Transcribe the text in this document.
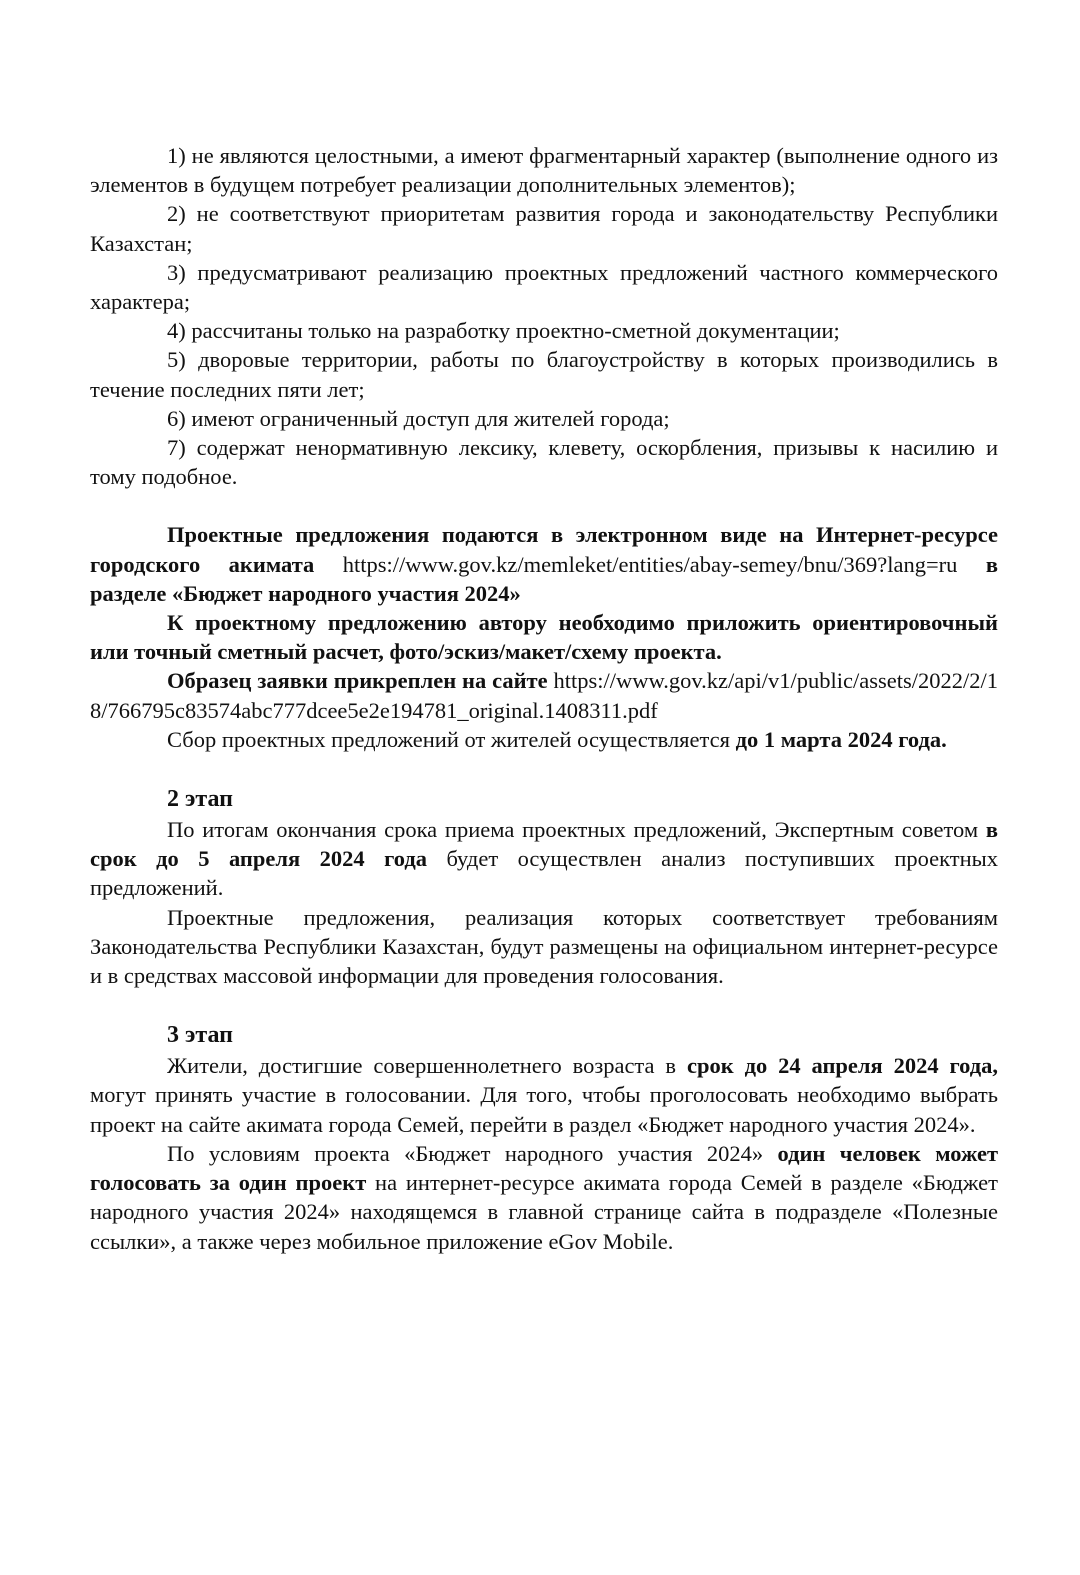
1) не являются целостными, а имеют фрагментарный характер (выполнение одного из элементов в будущем потребует реализации дополнительных элементов);

2) не соответствуют приоритетам развития города и законодательству Республики Казахстан;

3) предусматривают реализацию проектных предложений частного коммерческого характера;

4) рассчитаны только на разработку проектно-сметной документации;

5) дворовые территории, работы по благоустройству в которых производились в течение последних пяти лет;

6) имеют ограниченный доступ для жителей города;

7) содержат ненормативную лексику, клевету, оскорбления, призывы к насилию и тому подобное.

Проектные предложения подаются в электронном виде на Интернет-ресурсе городского акимата https://www.gov.kz/memleket/entities/abay-semey/bnu/369?lang=ru в разделе «Бюджет народного участия 2024»

К проектному предложению автору необходимо приложить ориентировочный или точный сметный расчет, фото/эскиз/макет/схему проекта.

Образец заявки прикреплен на сайте https://www.gov.kz/api/v1/public/assets/2022/2/18/766795c83574abc777dcee5e2e194781_original.1408311.pdf

Сбор проектных предложений от жителей осуществляется до 1 марта 2024 года.

2 этап

По итогам окончания срока приема проектных предложений, Экспертным советом в срок до 5 апреля 2024 года будет осуществлен анализ поступивших проектных предложений.

Проектные предложения, реализация которых соответствует требованиям Законодательства Республики Казахстан, будут размещены на официальном интернет-ресурсе и в средствах массовой информации для проведения голосования.

3 этап

Жители, достигшие совершеннолетнего возраста в срок до 24 апреля 2024 года, могут принять участие в голосовании. Для того, чтобы проголосовать необходимо выбрать проект на сайте акимата города Семей, перейти в раздел «Бюджет народного участия 2024».

По условиям проекта «Бюджет народного участия 2024» один человек может голосовать за один проект на интернет-ресурсе акимата города Семей в разделе «Бюджет народного участия 2024» находящемся в главной странице сайта в подразделе «Полезные ссылки», а также через мобильное приложение eGov Mobile.
